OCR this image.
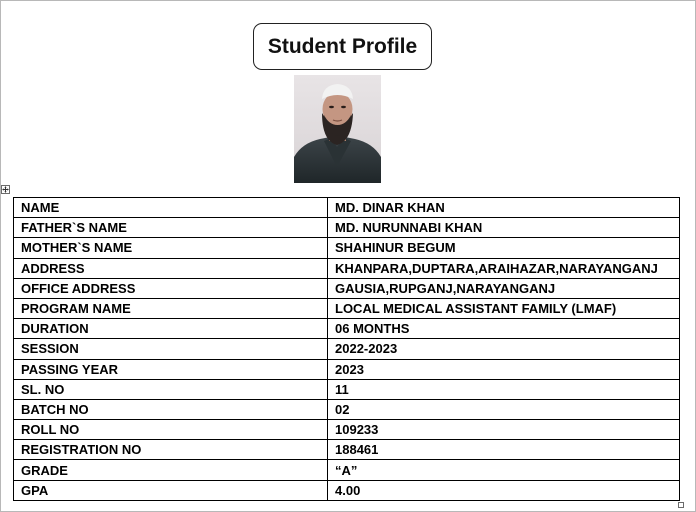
Student Profile
NAME	MD. DINAR KHAN
FATHER`S NAME	MD. NURUNNABI KHAN
MOTHER`S NAME	SHAHINUR BEGUM
ADDRESS	KHANPARA,DUPTARA,ARAIHAZAR,NARAYANGANJ
OFFICE ADDRESS	GAUSIA,RUPGANJ,NARAYANGANJ
PROGRAM NAME	LOCAL MEDICAL ASSISTANT FAMILY (LMAF)
DURATION	06 MONTHS
SESSION	2022-2023
PASSING YEAR	2023
SL. NO	11
BATCH NO	02
ROLL NO	109233
REGISTRATION NO	188461
GRADE	“A”
GPA	4.00
